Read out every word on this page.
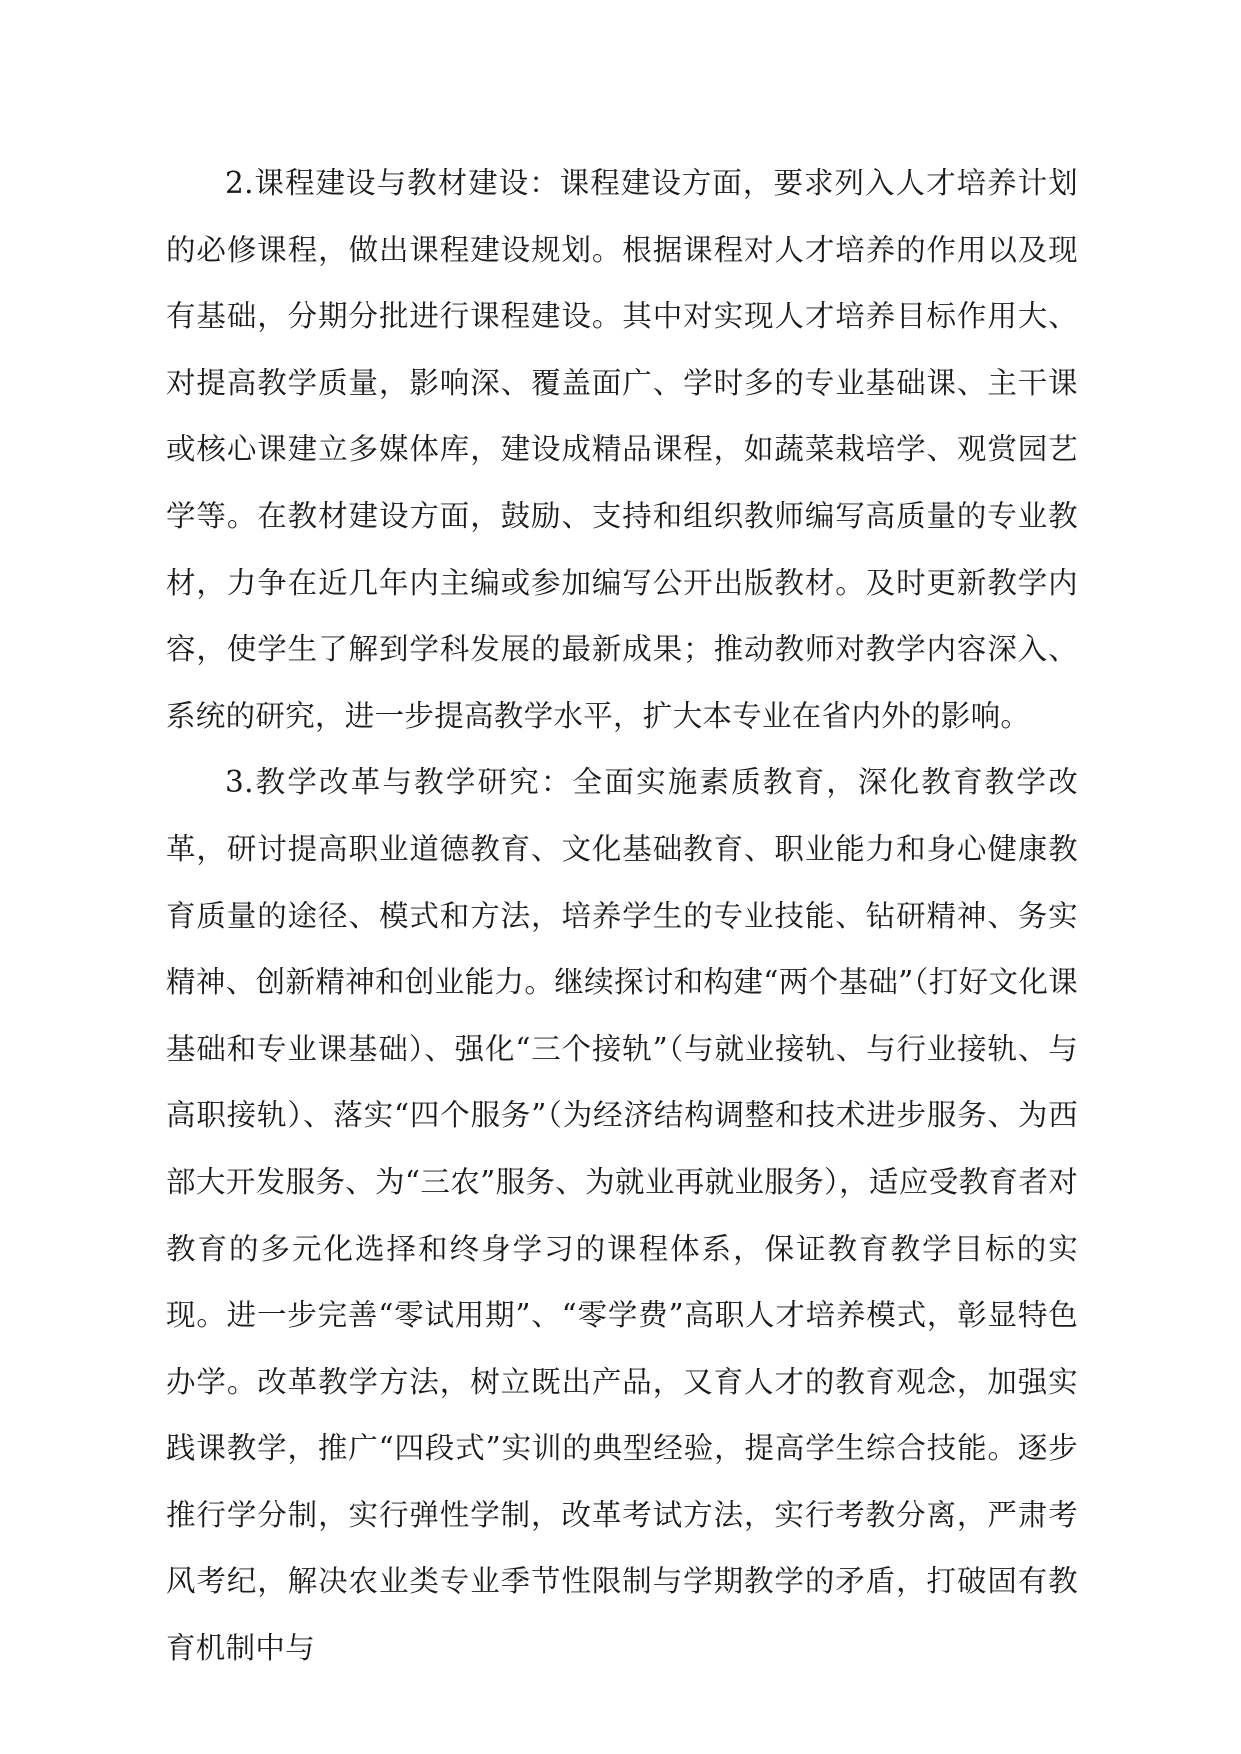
2.课程建设与教材建设：课程建设方面，要求列入人才培养计划的必修课程，做出课程建设规划。根据课程对人才培养的作用以及现有基础，分期分批进行课程建设。其中对实现人才培养目标作用大、对提高教学质量，影响深、覆盖面广、学时多的专业基础课、主干课或核心课建立多媒体库，建设成精品课程，如蔬菜栽培学、观赏园艺学等。在教材建设方面，鼓励、支持和组织教师编写高质量的专业教材，力争在近几年内主编或参加编写公开出版教材。及时更新教学内容，使学生了解到学科发展的最新成果；推动教师对教学内容深入、系统的研究，进一步提高教学水平，扩大本专业在省内外的影响。

3.教学改革与教学研究：全面实施素质教育，深化教育教学改革，研讨提高职业道德教育、文化基础教育、职业能力和身心健康教育质量的途径、模式和方法，培养学生的专业技能、钻研精神、务实精神、创新精神和创业能力。继续探讨和构建“两个基础”（打好文化课基础和专业课基础）、强化“三个接轨”（与就业接轨、与行业接轨、与高职接轨）、落实“四个服务”（为经济结构调整和技术进步服务、为西部大开发服务、为“三农”服务、为就业再就业服务），适应受教育者对教育的多元化选择和终身学习的课程体系，保证教育教学目标的实现。进一步完善“零试用期”、“零学费”高职人才培养模式，彰显特色办学。改革教学方法，树立既出产品，又育人才的教育观念，加强实践课教学，推广“四段式”实训的典型经验，提高学生综合技能。逐步推行学分制，实行弹性学制，改革考试方法，实行考教分离，严肃考风考纪，解决农业类专业季节性限制与学期教学的矛盾，打破固有教育机制中与
